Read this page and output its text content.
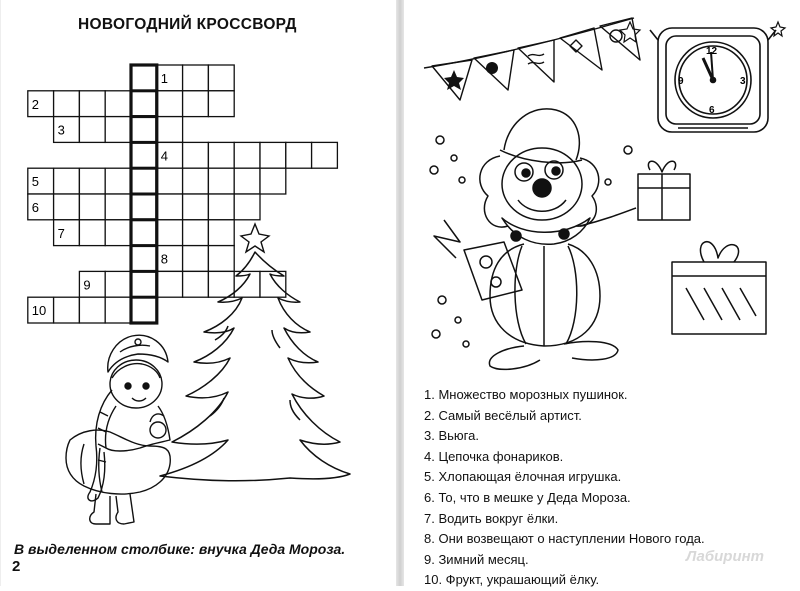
НОВОГОДНИЙ КРОССВОРД
1
2
3
4
5
6
7
8
9
10
В выделенном столбике: внучка Деда Мороза.
2
12
3
6
9
1. Множество морозных пушинок.
2. Самый весёлый артист.
3. Вьюга.
4. Цепочка фонариков.
5. Хлопающая ёлочная игрушка.
6. То, что в мешке у Деда Мороза.
7. Водить вокруг ёлки.
8. Они возвещают о наступлении Нового года.
9. Зимний месяц.
10. Фрукт, украшающий ёлку.
Лабиринт
